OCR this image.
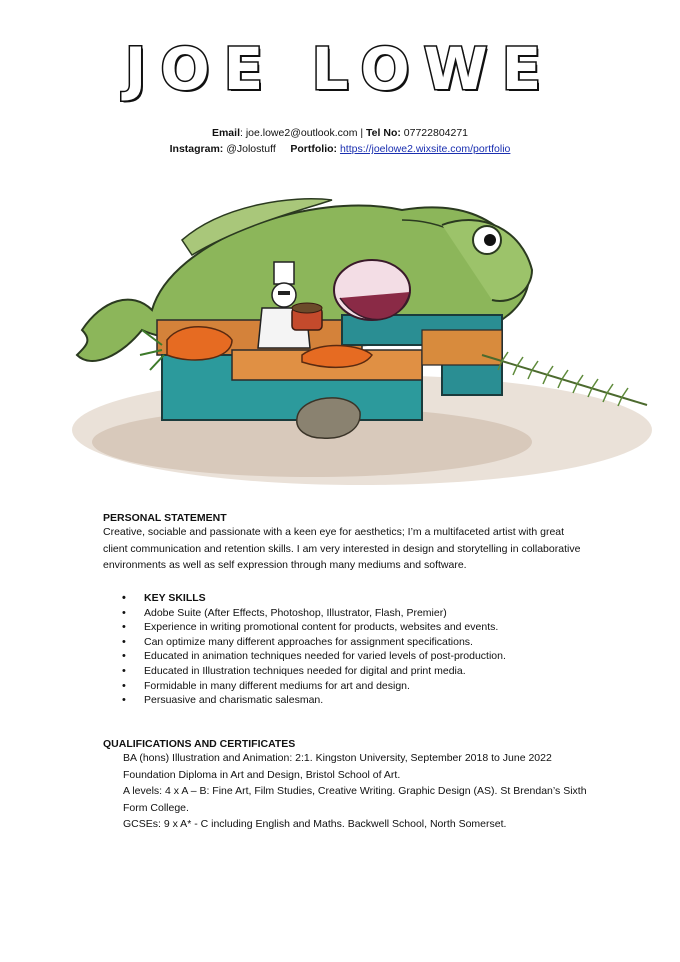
JOE LOWE
Email: joe.lowe2@outlook.com | Tel No: 07722804271
Instagram: @Jolostuff Portfolio: https://joelowe2.wixsite.com/portfolio
PERSONAL STATEMENT
Creative, sociable and passionate with a keen eye for aesthetics; I’m a multifaceted artist with great client communication and retention skills. I am very interested in design and storytelling in collaborative environments as well as self expression through many mediums and software.
• KEY SKILLS
• Adobe Suite (After Effects, Photoshop, Illustrator, Flash, Premier)
• Experience in writing promotional content for products, websites and events.
• Can optimize many different approaches for assignment specifications.
• Educated in animation techniques needed for varied levels of post-production.
• Educated in Illustration techniques needed for digital and print media.
• Formidable in many different mediums for art and design.
• Persuasive and charismatic salesman.
QUALIFICATIONS AND CERTIFICATES
BA (hons) Illustration and Animation: 2:1. Kingston University, September 2018 to June 2022
Foundation Diploma in Art and Design, Bristol School of Art.
A levels: 4 x A – B: Fine Art, Film Studies, Creative Writing. Graphic Design (AS). St Brendan’s Sixth Form College.
GCSEs: 9 x A* - C including English and Maths. Backwell School, North Somerset.
